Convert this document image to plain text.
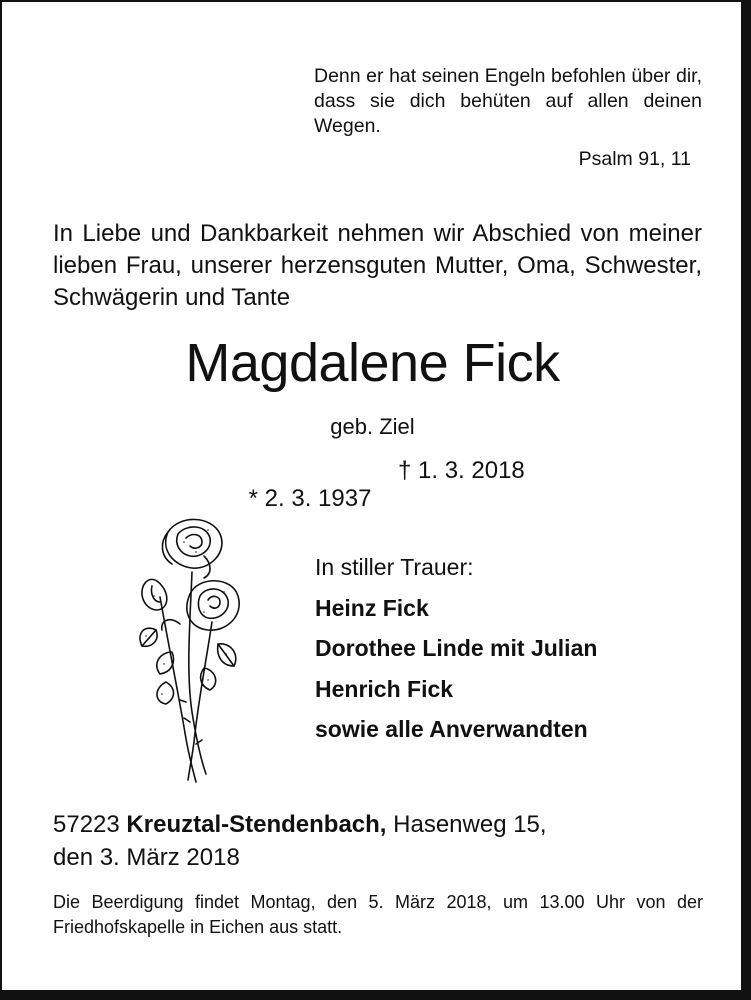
Denn er hat seinen Engeln befohlen über dir, dass sie dich behüten auf allen deinen Wegen.
Psalm 91, 11
In Liebe und Dankbarkeit nehmen wir Abschied von meiner lieben Frau, unserer herzensguten Mutter, Oma, Schwester, Schwägerin und Tante
Magdalene Fick
geb. Ziel

* 2. 3. 1937

† 1. 3. 2018

In stiller Trauer:
Heinz Fick
Dorothee Linde mit Julian
Henrich Fick
sowie alle Anverwandten
57223 Kreuztal-Stendenbach, Hasenweg 15,
den 3. März 2018
Die Beerdigung findet Montag, den 5. März 2018, um 13.00 Uhr von der Friedhofskapelle in Eichen aus statt.
